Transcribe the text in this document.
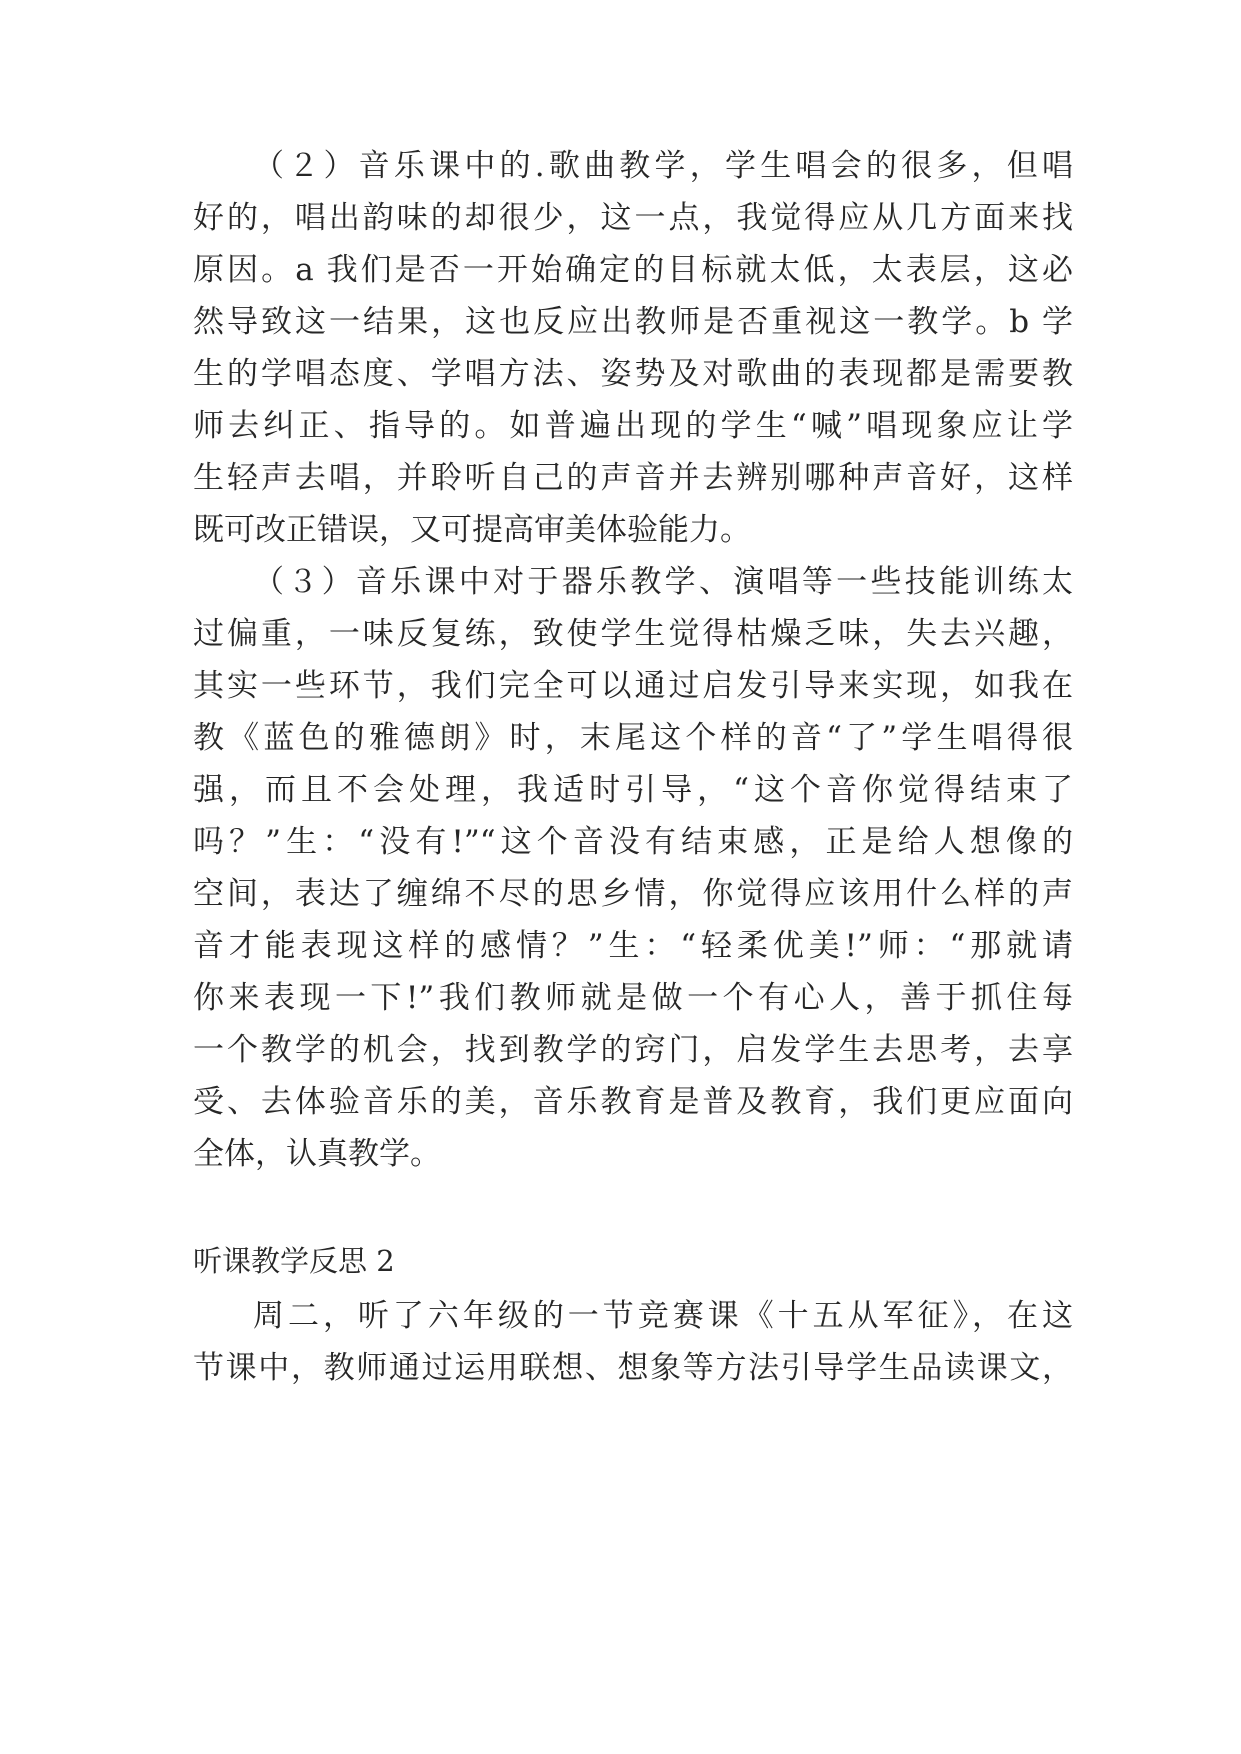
（２）音乐课中的.歌曲教学，学生唱会的很多，但唱
好的，唱出韵味的却很少，这一点，我觉得应从几方面来找
原因。a 我们是否一开始确定的目标就太低，太表层，这必
然导致这一结果，这也反应出教师是否重视这一教学。b 学
生的学唱态度、学唱方法、姿势及对歌曲的表现都是需要教
师去纠正、指导的。如普遍出现的学生“喊”唱现象应让学
生轻声去唱，并聆听自己的声音并去辨别哪种声音好，这样
既可改正错误，又可提高审美体验能力。
（３）音乐课中对于器乐教学、演唱等一些技能训练太
过偏重，一味反复练，致使学生觉得枯燥乏味，失去兴趣，
其实一些环节，我们完全可以通过启发引导来实现，如我在
教《蓝色的雅德朗》时，末尾这个样的音“了”学生唱得很
强，而且不会处理，我适时引导，“这个音你觉得结束了
吗？”生：“没有!”“这个音没有结束感，正是给人想像的
空间，表达了缠绵不尽的思乡情，你觉得应该用什么样的声
音才能表现这样的感情？”生：“轻柔优美!”师：“那就请
你来表现一下!”我们教师就是做一个有心人，善于抓住每
一个教学的机会，找到教学的窍门，启发学生去思考，去享
受、去体验音乐的美，音乐教育是普及教育，我们更应面向
全体，认真教学。
听课教学反思 2
周二，听了六年级的一节竞赛课《十五从军征》，在这
节课中，教师通过运用联想、想象等方法引导学生品读课文，
